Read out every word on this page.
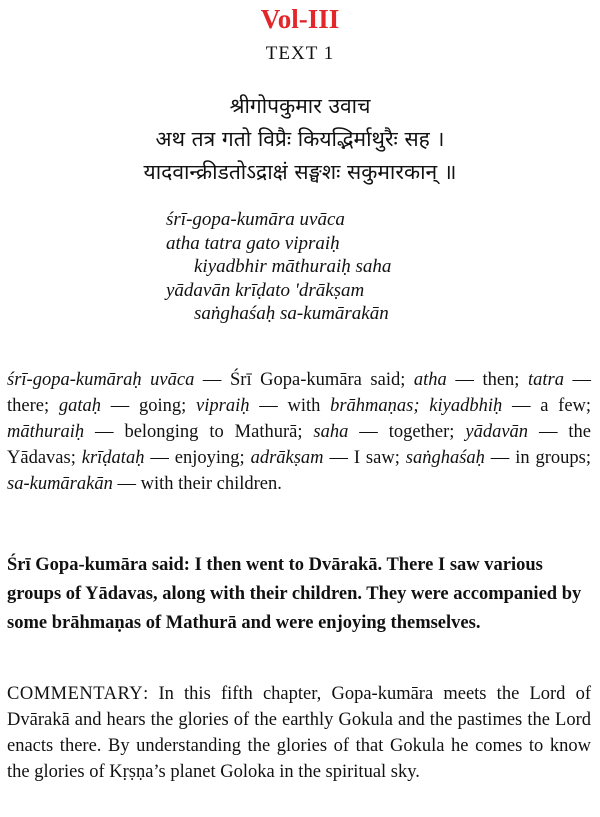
Vol-III
TEXT 1
श्रीगोपकुमार उवाच
अथ तत्र गतो विप्रैः कियद्भिर्माथुरैः सह ।
यादवान्क्रीडतोऽद्राक्षं सङ्घशः सकुमारकान् ॥
śrī-gopa-kumāra uvāca
atha tatra gato vipraiḥ
kiyadbhir māthuraiḥ saha
yādavān krīḍato 'drākṣam
saṅghaśaḥ sa-kumārakān
śrī-gopa-kumāraḥ uvāca — Śrī Gopa-kumāra said; atha — then; tatra — there; gataḥ — going; vipraiḥ — with brāhmaṇas; kiyadbhiḥ — a few; māthuraiḥ — belonging to Mathurā; saha — together; yādavān — the Yādavas; krīḍataḥ — enjoying; adrākṣam — I saw; saṅghaśaḥ — in groups; sa-kumārakān — with their children.
Śrī Gopa-kumāra said: I then went to Dvārakā. There I saw various groups of Yādavas, along with their children. They were accompanied by some brāhmaṇas of Mathurā and were enjoying themselves.
COMMENTARY: In this fifth chapter, Gopa-kumāra meets the Lord of Dvārakā and hears the glories of the earthly Gokula and the pastimes the Lord enacts there. By understanding the glories of that Gokula he comes to know the glories of Kṛṣṇa’s planet Goloka in the spiritual sky.
